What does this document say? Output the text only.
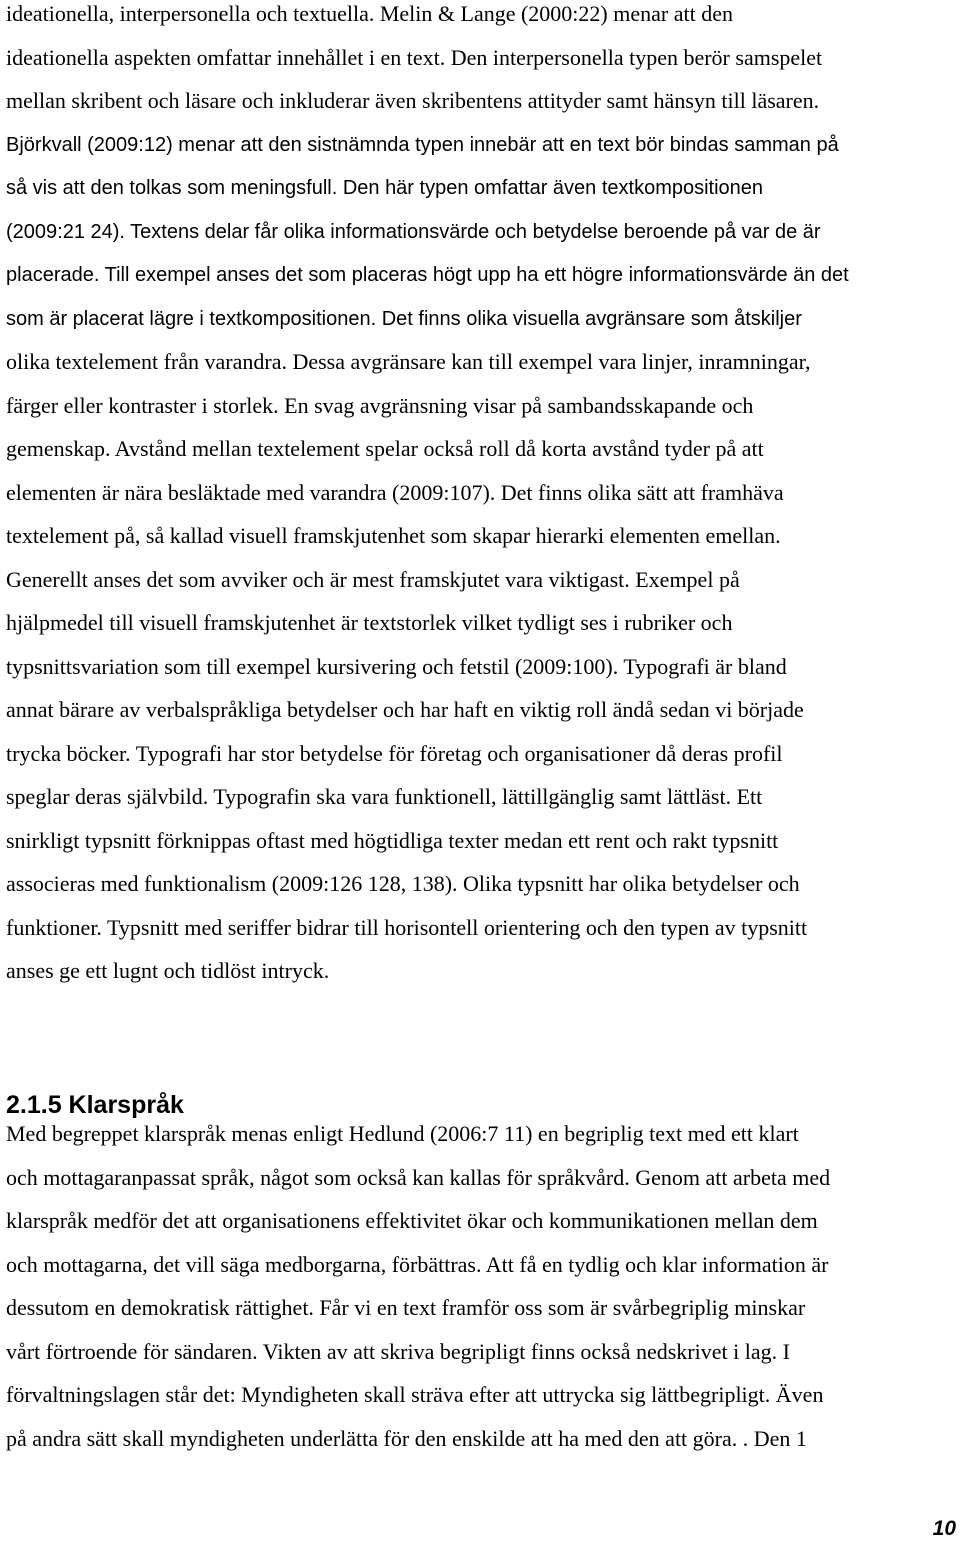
ideationella, interpersonella och textuella. Melin & Lange (2000:22) menar att den
ideationella aspekten omfattar innehållet i en text. Den interpersonella typen berör samspelet
mellan skribent och läsare och inkluderar även skribentens attityder samt hänsyn till läsaren.
Björkvall (2009:12) menar att den sistnämnda typen innebär att en text bör bindas samman på
så vis att den tolkas som meningsfull. Den här typen omfattar även textkompositionen
(2009:21 24). Textens delar får olika informationsvärde och betydelse beroende på var de är
placerade. Till exempel anses det som placeras högt upp ha ett högre informationsvärde än det
som är placerat lägre i textkompositionen. Det finns olika visuella avgränsare som åtskiljer
olika textelement från varandra. Dessa avgränsare kan till exempel vara linjer, inramningar,
färger eller kontraster i storlek. En svag avgränsning visar på sambandsskapande och
gemenskap. Avstånd mellan textelement spelar också roll då korta avstånd tyder på att
elementen är nära besläktade med varandra (2009:107). Det finns olika sätt att framhäva
textelement på, så kallad visuell framskjutenhet som skapar hierarki elementen emellan.
Generellt anses det som avviker och är mest framskjutet vara viktigast. Exempel på
hjälpmedel till visuell framskjutenhet är textstorlek vilket tydligt ses i rubriker och
typsnittsvariation som till exempel kursivering och fetstil (2009:100). Typografi är bland
annat bärare av verbalspråkliga betydelser och har haft en viktig roll ändå sedan vi började
trycka böcker. Typografi har stor betydelse för företag och organisationer då deras profil
speglar deras självbild. Typografin ska vara funktionell, lättillgänglig samt lättläst. Ett
snirkligt typsnitt förknippas oftast med högtidliga texter medan ett rent och rakt typsnitt
associeras med funktionalism (2009:126 128, 138). Olika typsnitt har olika betydelser och
funktioner. Typsnitt med seriffer bidrar till horisontell orientering och den typen av typsnitt
anses ge ett lugnt och tidlöst intryck.
2.1.5 Klarspråk
Med begreppet klarspråk menas enligt Hedlund (2006:7 11) en begriplig text med ett klart
och mottagaranpassat språk, något som också kan kallas för språkvård. Genom att arbeta med
klarspråk medför det att organisationens effektivitet ökar och kommunikationen mellan dem
och mottagarna, det vill säga medborgarna, förbättras. Att få en tydlig och klar information är
dessutom en demokratisk rättighet. Får vi en text framför oss som är svårbegriplig minskar
vårt förtroende för sändaren. Vikten av att skriva begripligt finns också nedskrivet i lag. I
förvaltningslagen står det: Myndigheten skall sträva efter att uttrycka sig lättbegripligt. Även
på andra sätt skall myndigheten underlätta för den enskilde att ha med den att göra. . Den 1
10
